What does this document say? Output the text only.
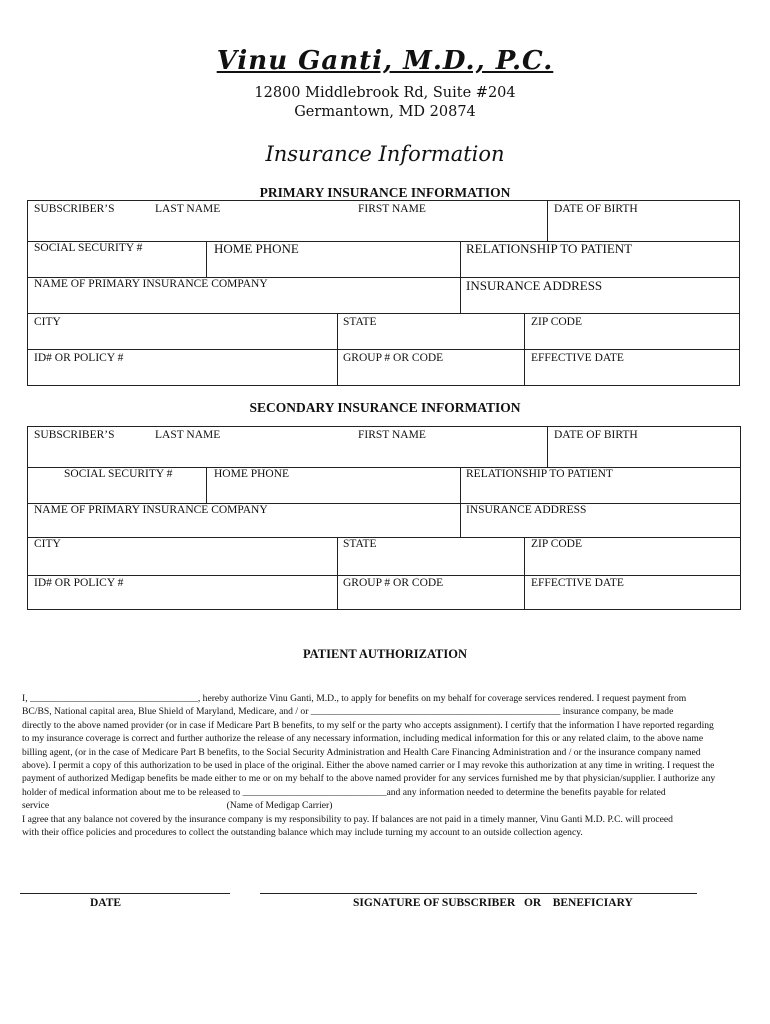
Vinu Ganti, M.D., P.C.
12800 Middlebrook Rd, Suite #204
Germantown, MD 20874
Insurance Information
PRIMARY INSURANCE INFORMATION
SUBSCRIBER’S	LAST NAME	FIRST NAME	DATE OF BIRTH
SOCIAL SECURITY #	HOME PHONE	RELATIONSHIP TO PATIENT
NAME OF PRIMARY INSURANCE COMPANY	INSURANCE ADDRESS
CITY	STATE	ZIP CODE
ID# OR POLICY #	GROUP # OR CODE	EFFECTIVE DATE
SECONDARY INSURANCE INFORMATION
SUBSCRIBER’S	LAST NAME	FIRST NAME	DATE OF BIRTH
SOCIAL SECURITY #	HOME PHONE	RELATIONSHIP TO PATIENT
NAME OF PRIMARY INSURANCE COMPANY	INSURANCE ADDRESS
CITY	STATE	ZIP CODE
ID# OR POLICY #	GROUP # OR CODE	EFFECTIVE DATE
PATIENT AUTHORIZATION

I, ___________________________________, hereby authorize Vinu Ganti, M.D., to apply for benefits on my behalf for coverage services rendered. I request payment from

BC/BS, National capital area, Blue Shield of Maryland, Medicare, and / or ____________________________________________________ insurance company, be made

directly to the above named provider (or in case if Medicare Part B benefits, to my self or the party who accepts assignment). I certify that the information I have reported regarding

to my insurance coverage is correct and further authorize the release of any necessary information, including medical information for this or any related claim, to the above name

billing agent, (or in the case of Medicare Part B benefits, to the Social Security Administration and Health Care Financing Administration and / or the insurance company named

above). I permit a copy of this authorization to be used in place of the original. Either the above named carrier or I may revoke this authorization at any time in writing. I request the

payment of authorized Medigap benefits be made either to me or on my behalf to the above named provider for any services furnished me by that physician/supplier. I authorize any

holder of medical information about me to be released to ______________________________and any information needed to determine the benefits payable for related

service                                                                          (Name of Medigap Carrier)

I agree that any balance not covered by the insurance company is my responsibility to pay. If balances are not paid in a timely manner, Vinu Ganti M.D. P.C. will proceed

with their office policies and procedures to collect the outstanding balance which may include turning my account to an outside collection agency.

DATE	SIGNATURE OF SUBSCRIBER   OR    BENEFICIARY
